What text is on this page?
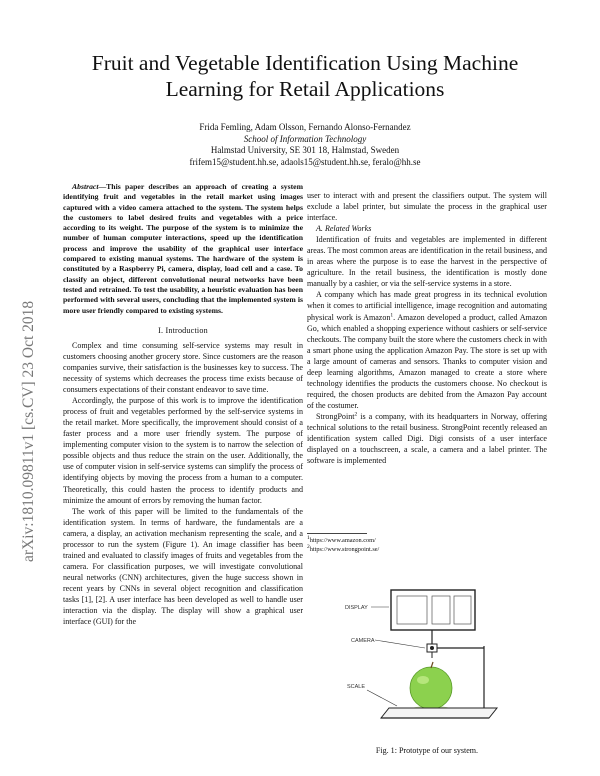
arXiv:1810.09811v1 [cs.CV] 23 Oct 2018
Fruit and Vegetable Identification Using Machine
Learning for Retail Applications
Frida Femling, Adam Olsson, Fernando Alonso-Fernandez
School of Information Technology
Halmstad University, SE 301 18, Halmstad, Sweden
frifem15@student.hh.se, adaols15@student.hh.se, feralo@hh.se

Abstract—This paper describes an approach of creating a system identifying fruit and vegetables in the retail market using images captured with a video camera attached to the system. The system helps the customers to label desired fruits and vegetables with a price according to its weight. The purpose of the system is to minimize the number of human computer interactions, speed up the identification process and improve the usability of the graphical user interface compared to existing manual systems. The hardware of the system is constituted by a Raspberry Pi, camera, display, load cell and a case. To classify an object, different convolutional neural networks have been tested and retrained. To test the usability, a heuristic evaluation has been performed with several users, concluding that the implemented system is more user friendly compared to existing systems.

I. Introduction

Complex and time consuming self-service systems may result in customers choosing another grocery store. Since customers are the reason companies survive, their satisfaction is the businesses key to success. The necessity of systems which decreases the process time exists because of consumers expectations of their constant endeavor to save time.

Accordingly, the purpose of this work is to improve the identification process of fruit and vegetables performed by the self-service systems in the retail market. More specifically, the improvement should consist of a faster process and a more user friendly system. The purpose of implementing computer vision to the system is to narrow the selection of possible objects and thus reduce the strain on the user. Additionally, the use of computer vision in self-service systems can simplify the process of identifying objects by moving the process from a human to a computer. Theoretically, this could hasten the process to identify products and minimize the amount of errors by removing the human factor.

The work of this paper will be limited to the fundamentals of the identification system. In terms of hardware, the fundamentals are a camera, a display, an activation mechanism representing the scale, and a processor to run the system (Figure 1). An image classifier has been trained and evaluated to classify images of fruits and vegetables from the camera. For classification purposes, we will investigate convolutional neural networks (CNN) architectures, given the huge success shown in recent years by CNNs in several object recognition and classification tasks [1], [2]. A user interface has been developed as well to handle user interaction via the display. The display will show a graphical user interface (GUI) for the

user to interact with and present the classifiers output. The system will exclude a label printer, but simulate the process in the graphical user interface.

A. Related Works

Identification of fruits and vegetables are implemented in different areas. The most common areas are identification in the retail business, and in areas where the purpose is to ease the harvest in the perspective of agriculture. In the retail business, the identification is mostly done manually by a cashier, or via the self-service systems in a store.

A company which has made great progress in its technical evolution when it comes to artificial intelligence, image recognition and automating physical work is Amazon$^1$. Amazon developed a product, called Amazon Go, which enabled a shopping experience without cashiers or self-service checkouts. The company built the store where the customers check in with a smart phone using the application Amazon Pay. The store is set up with a large amount of cameras and sensors. Thanks to computer vision and deep learning algorithms, Amazon managed to create a store where technology identifies the products the customers choose. No checkout is required, the chosen products are debited from the Amazon Pay account of the costumer.

StrongPoint$^2$ is a company, with its headquarters in Norway, offering technical solutions to the retail business. StrongPoint recently released an identification system called Digi. Digi consists of a user interface displayed on a touchscreen, a scale, a camera and a label printer. The software is implemented

$^1$https://www.amazon.com/
$^2$https://www.strongpoint.se/
DISPLAY
CAMERA
SCALE
Fig. 1: Prototype of our system.
